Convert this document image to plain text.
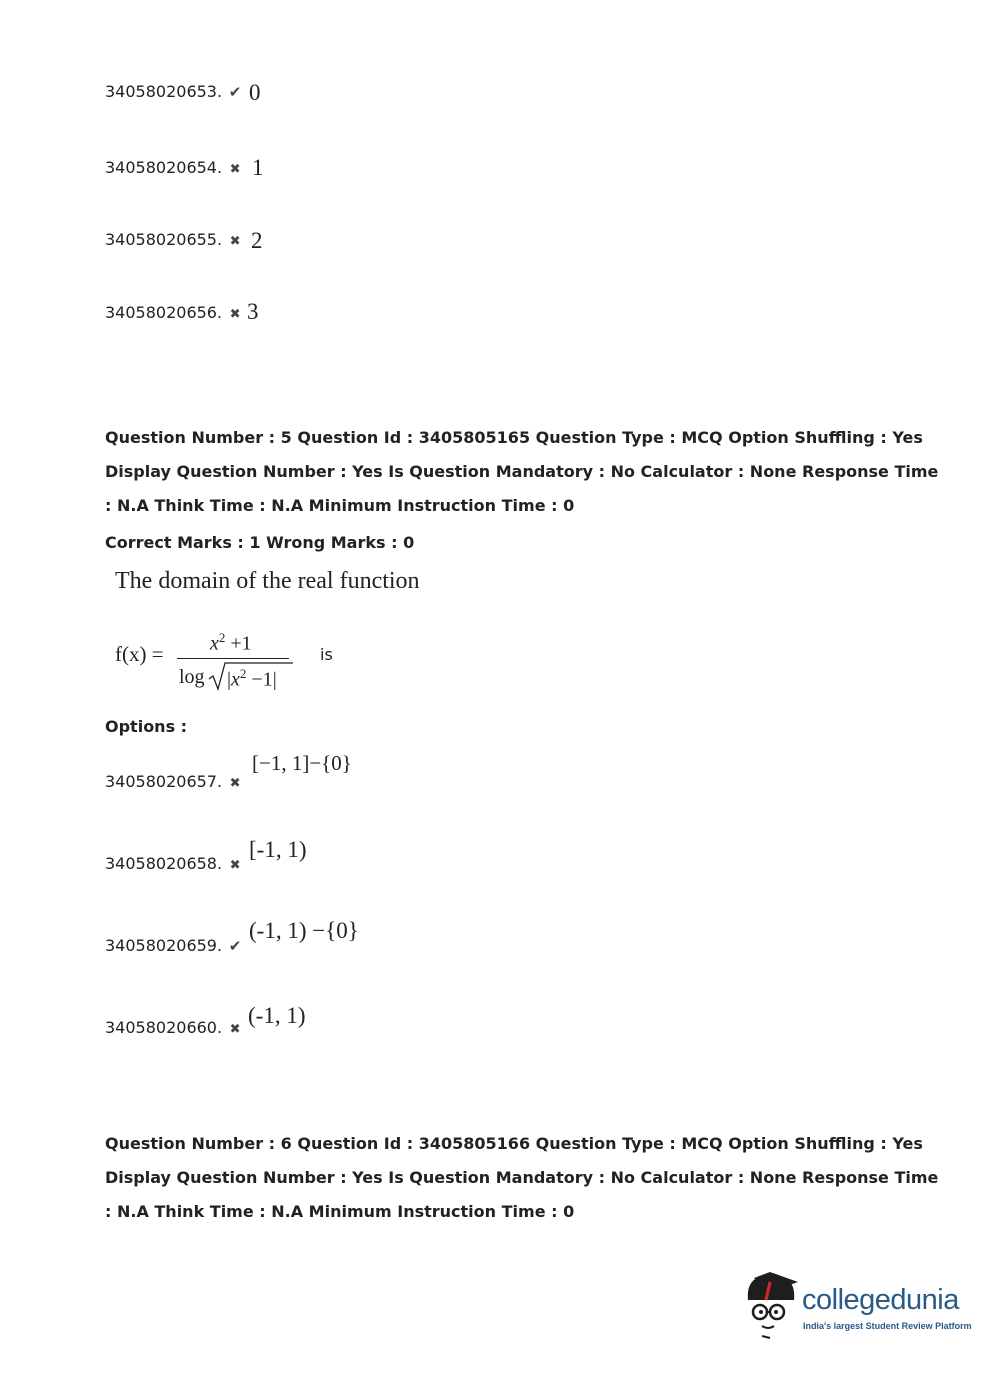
34058020653. ✔ 0
34058020654. ✖ 1
34058020655. ✖ 2
34058020656. ✖ 3
Question Number : 5 Question Id : 3405805165 Question Type : MCQ Option Shuffling : Yes
Display Question Number : Yes Is Question Mandatory : No Calculator : None Response Time
: N.A Think Time : N.A Minimum Instruction Time : 0
Correct Marks : 1 Wrong Marks : 0
The domain of the real function
$f(x) = x^2 +1$
$\log |x^2 -1|$
is
Options :
34058020657. ✖
[−1, 1]−{0}
34058020658. ✖
[-1, 1)
34058020659. ✔
(-1, 1) −{0}
34058020660. ✖
(-1, 1)
Question Number : 6 Question Id : 3405805166 Question Type : MCQ Option Shuffling : Yes
Display Question Number : Yes Is Question Mandatory : No Calculator : None Response Time
: N.A Think Time : N.A Minimum Instruction Time : 0
collegedunia
India's largest Student Review Platform
